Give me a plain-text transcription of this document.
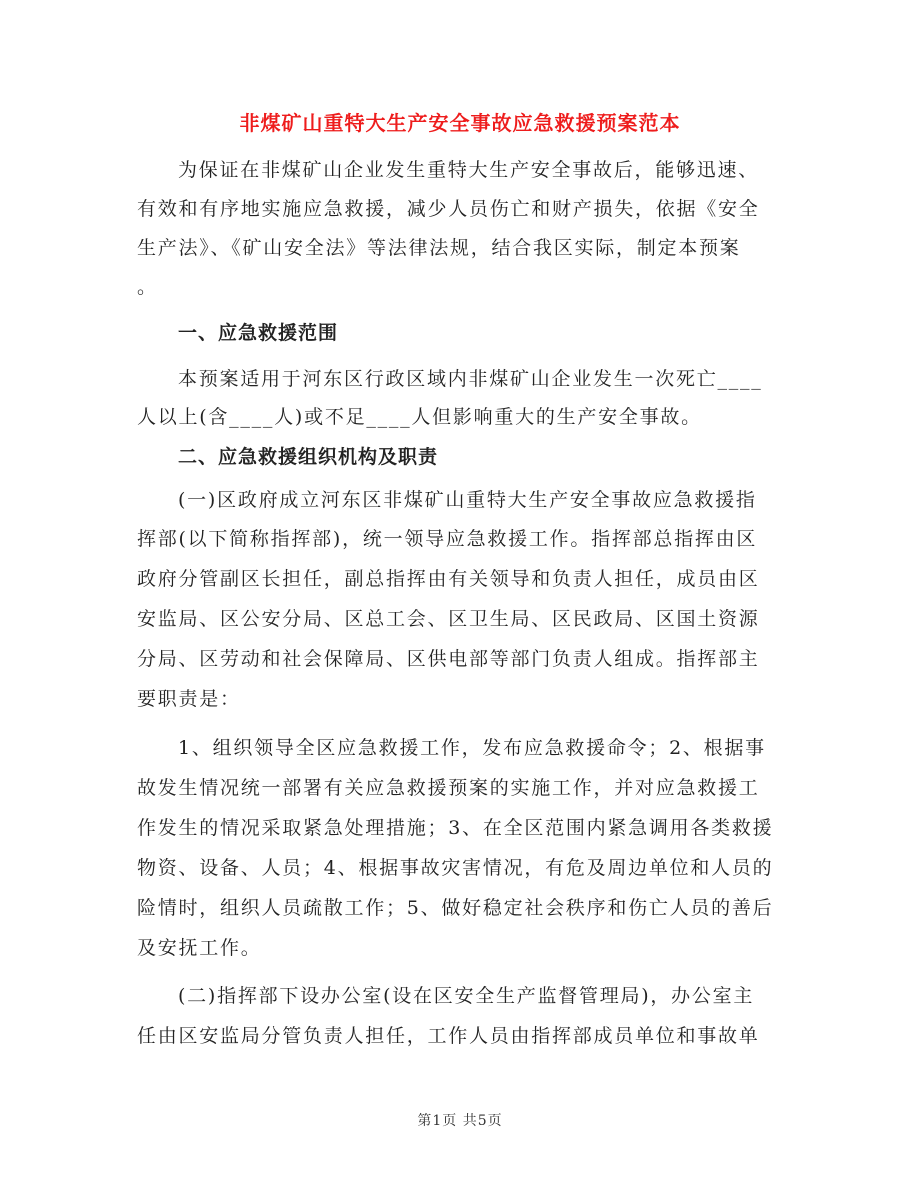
非煤矿山重特大生产安全事故应急救援预案范本
为保证在非煤矿山企业发生重特大生产安全事故后，能够迅速、
有效和有序地实施应急救援，减少人员伤亡和财产损失，依据《安全
生产法》、《矿山安全法》等法律法规，结合我区实际，制定本预案
。
一、应急救援范围
本预案适用于河东区行政区域内非煤矿山企业发生一次死亡____
人以上(含____人)或不足____人但影响重大的生产安全事故。
二、应急救援组织机构及职责
(一)区政府成立河东区非煤矿山重特大生产安全事故应急救援指
挥部(以下简称指挥部)，统一领导应急救援工作。指挥部总指挥由区
政府分管副区长担任，副总指挥由有关领导和负责人担任，成员由区
安监局、区公安分局、区总工会、区卫生局、区民政局、区国土资源
分局、区劳动和社会保障局、区供电部等部门负责人组成。指挥部主
要职责是：
1、组织领导全区应急救援工作，发布应急救援命令；2、根据事
故发生情况统一部署有关应急救援预案的实施工作，并对应急救援工
作发生的情况采取紧急处理措施；3、在全区范围内紧急调用各类救援
物资、设备、人员；4、根据事故灾害情况，有危及周边单位和人员的
险情时，组织人员疏散工作；5、做好稳定社会秩序和伤亡人员的善后
及安抚工作。
(二)指挥部下设办公室(设在区安全生产监督管理局)，办公室主
任由区安监局分管负责人担任，工作人员由指挥部成员单位和事故单
第1页 共5页
